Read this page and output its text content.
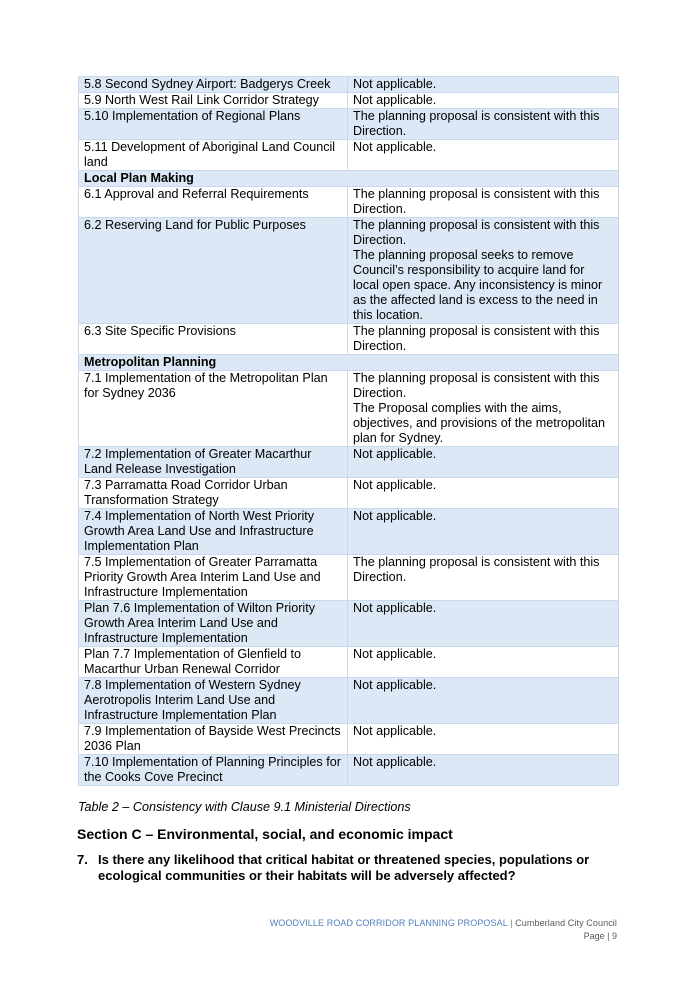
5.8 Second Sydney Airport: Badgerys Creek	Not applicable.
5.9 North West Rail Link Corridor Strategy	Not applicable.
5.10 Implementation of Regional Plans	The planning proposal is consistent with this Direction.
5.11 Development of Aboriginal Land Council land	Not applicable.
Local Plan Making	
6.1 Approval and Referral Requirements	The planning proposal is consistent with this Direction.
6.2 Reserving Land for Public Purposes	The planning proposal is consistent with this Direction.
The planning proposal seeks to remove Council’s responsibility to acquire land for local open space. Any inconsistency is minor as the affected land is excess to the need in this location.
6.3 Site Specific Provisions	The planning proposal is consistent with this Direction.
Metropolitan Planning	
7.1 Implementation of the Metropolitan Plan for Sydney 2036	The planning proposal is consistent with this Direction.
The Proposal complies with the aims, objectives, and provisions of the metropolitan plan for Sydney.
7.2 Implementation of Greater Macarthur Land Release Investigation	Not applicable.
7.3 Parramatta Road Corridor Urban Transformation Strategy	Not applicable.
7.4 Implementation of North West Priority Growth Area Land Use and Infrastructure Implementation Plan	Not applicable.
7.5 Implementation of Greater Parramatta Priority Growth Area Interim Land Use and Infrastructure Implementation	The planning proposal is consistent with this Direction.
Plan 7.6 Implementation of Wilton Priority Growth Area Interim Land Use and Infrastructure Implementation	Not applicable.
Plan 7.7 Implementation of Glenfield to Macarthur Urban Renewal Corridor	Not applicable.
7.8 Implementation of Western Sydney Aerotropolis Interim Land Use and Infrastructure Implementation Plan	Not applicable.
7.9 Implementation of Bayside West Precincts 2036 Plan	Not applicable.
7.10 Implementation of Planning Principles for the Cooks Cove Precinct	Not applicable.
Table 2 – Consistency with Clause 9.1 Ministerial Directions
Section C – Environmental, social, and economic impact
7. Is there any likelihood that critical habitat or threatened species, populations or ecological communities or their habitats will be adversely affected?
WOODVILLE ROAD CORRIDOR PLANNING PROPOSAL | Cumberland City Council
Page | 9
